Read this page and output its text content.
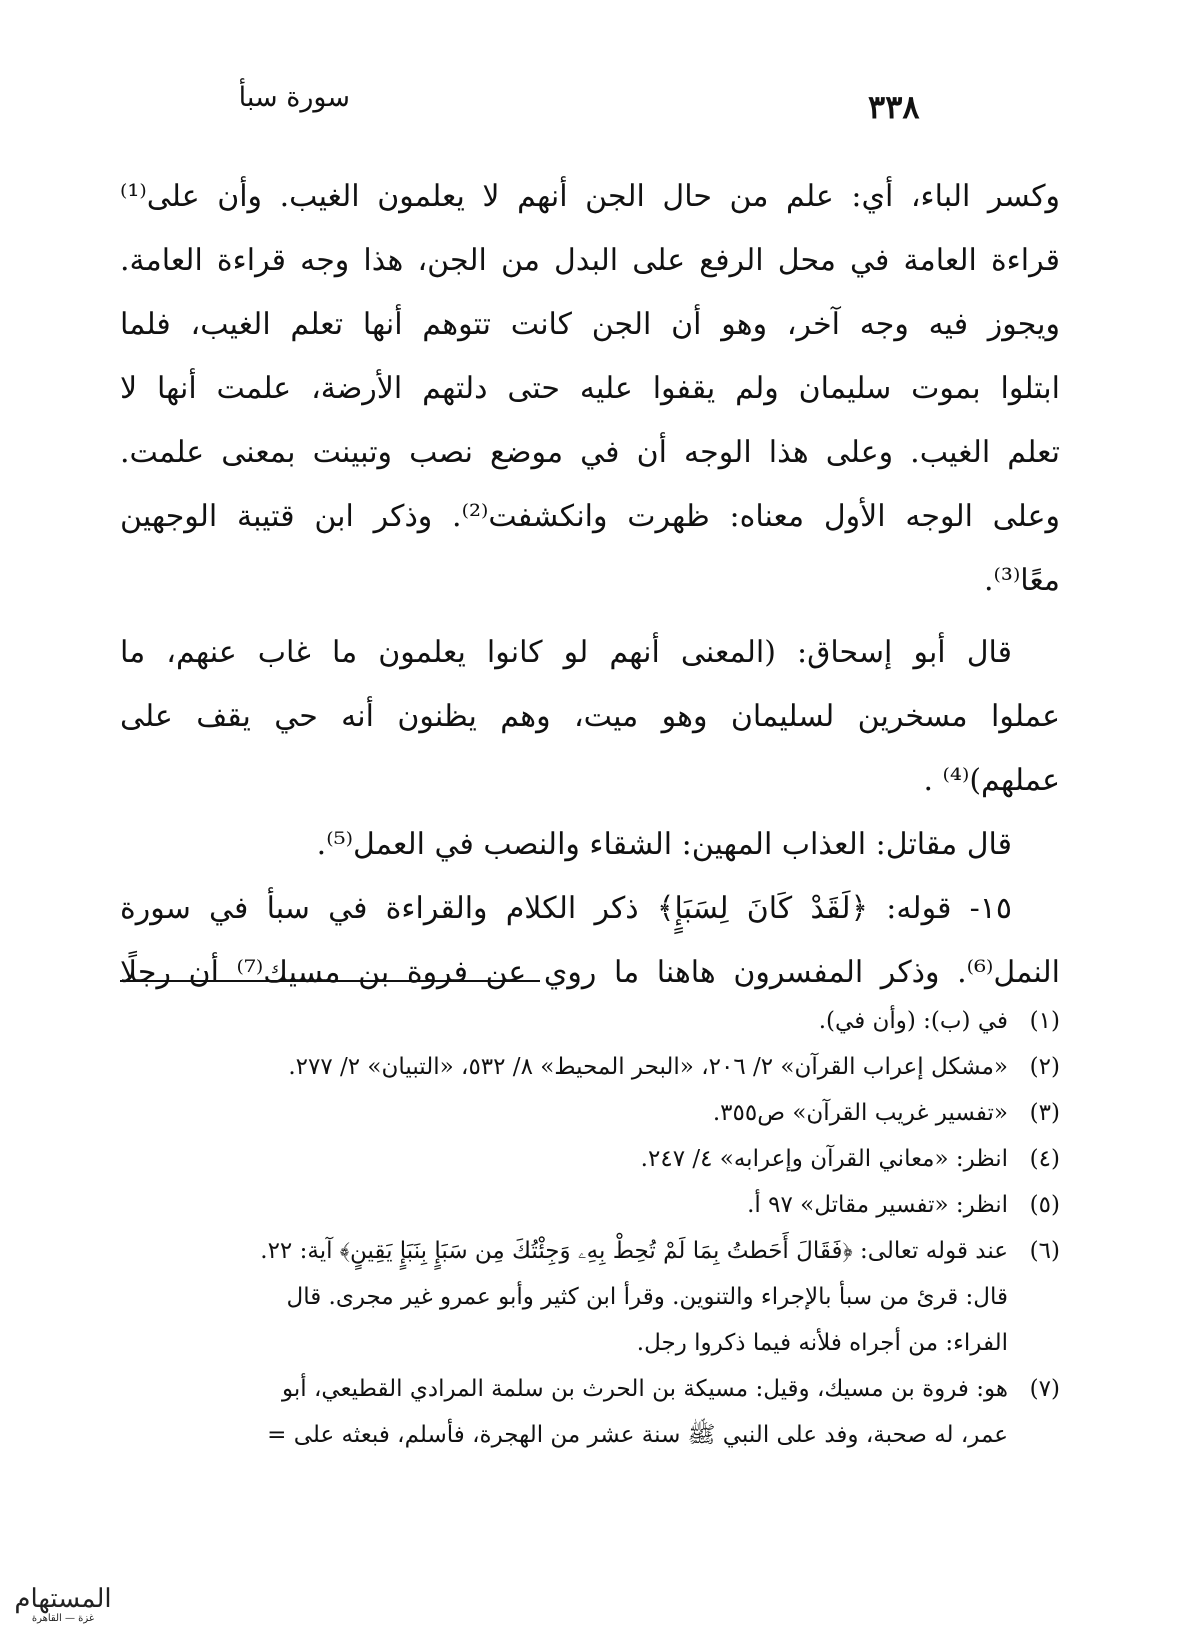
سورة سبأ	٣٣٨
وكسر الباء، أي: علم من حال الجن أنهم لا يعلمون الغيب. وأن على⁽¹⁾
قراءة العامة في محل الرفع على البدل من الجن، هذا وجه قراءة العامة.
ويجوز فيه وجه آخر، وهو أن الجن كانت تتوهم أنها تعلم الغيب، فلما
ابتلوا بموت سليمان ولم يقفوا عليه حتى دلتهم الأرضة، علمت أنها لا
تعلم الغيب. وعلى هذا الوجه أن في موضع نصب وتبينت بمعنى علمت.
وعلى الوجه الأول معناه: ظهرت وانكشفت⁽²⁾. وذكر ابن قتيبة الوجهين
معًا⁽³⁾.
قال أبو إسحاق: (المعنى أنهم لو كانوا يعلمون ما غاب عنهم، ما
عملوا مسخرين لسليمان وهو ميت، وهم يظنون أنه حي يقف على
عملهم)⁽⁴⁾ .
قال مقاتل: العذاب المهين: الشقاء والنصب في العمل⁽⁵⁾.
١٥- قوله: ﴿لَقَدْ كَانَ لِسَبَإٍ﴾ ذكر الكلام والقراءة في سبأ في سورة
النمل⁽⁶⁾. وذكر المفسرون هاهنا ما روي عن فروة بن مسيك⁽⁷⁾ أن رجلًا
(١)في (ب): (وأن في).
(٢)«مشكل إعراب القرآن» ٢/ ٢٠٦، «البحر المحيط» ٨/ ٥٣٢، «التبيان» ٢/ ٢٧٧.
(٣)«تفسير غريب القرآن» ص٣٥٥.
(٤)انظر: «معاني القرآن وإعرابه» ٤/ ٢٤٧.
(٥)انظر: «تفسير مقاتل» ٩٧ أ.
(٦)عند قوله تعالى: ﴿فَقَالَ أَحَطتُ بِمَا لَمْ تُحِطْ بِهِۦ وَجِئْتُكَ مِن سَبَإٍ بِنَبَإٍ يَقِينٍ﴾ آية: ٢٢.
قال: قرئ من سبأ بالإجراء والتنوين. وقرأ ابن كثير وأبو عمرو غير مجرى. قال
الفراء: من أجراه فلأنه فيما ذكروا رجل.
(٧)هو: فروة بن مسيك، وقيل: مسيكة بن الحرث بن سلمة المرادي القطيعي، أبو
عمر، له صحبة، وفد على النبي ﷺ سنة عشر من الهجرة، فأسلم، فبعثه على =
المستهام
غزة — القاهرة
